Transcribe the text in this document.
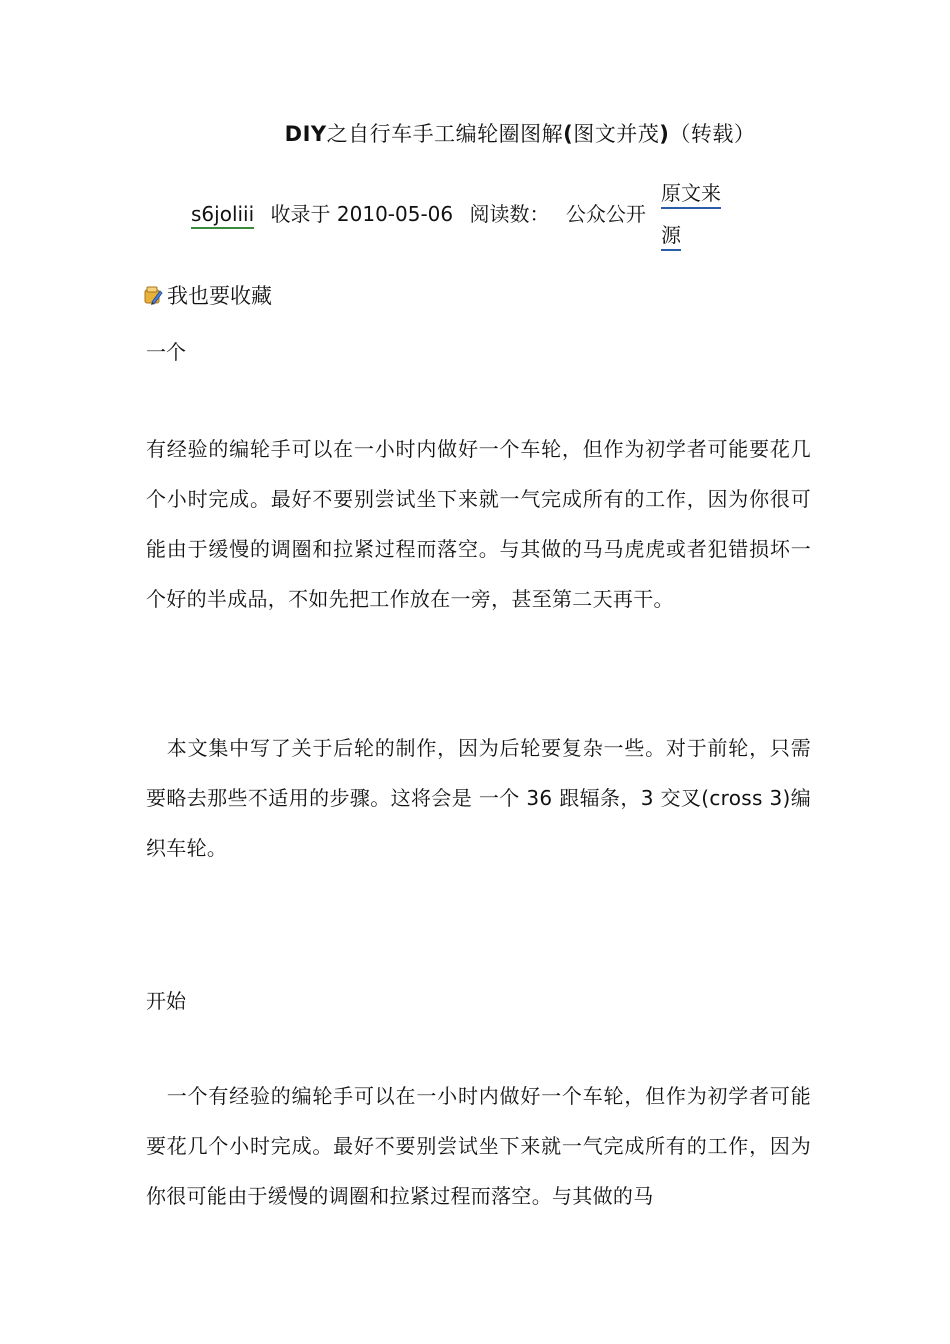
DIY之自行车手工编轮圈图解(图文并茂)（转载）
s6joliii 收录于 2010-05-06 阅读数： 公众公开
原文来
源
我也要收藏
一个
有经验的编轮手可以在一小时内做好一个车轮，但作为初学者可能要花几个小时完成。最好不要别尝试坐下来就一气完成所有的工作，因为你很可能由于缓慢的调圈和拉紧过程而落空。与其做的马马虎虎或者犯错损坏一个好的半成品，不如先把工作放在一旁，甚至第二天再干。
　本文集中写了关于后轮的制作，因为后轮要复杂一些。对于前轮，只需要略去那些不适用的步骤。这将会是 一个 36 跟辐条，3 交叉(cross 3)编织车轮。
开始
　一个有经验的编轮手可以在一小时内做好一个车轮，但作为初学者可能要花几个小时完成。最好不要别尝试坐下来就一气完成所有的工作，因为你很可能由于缓慢的调圈和拉紧过程而落空。与其做的马
